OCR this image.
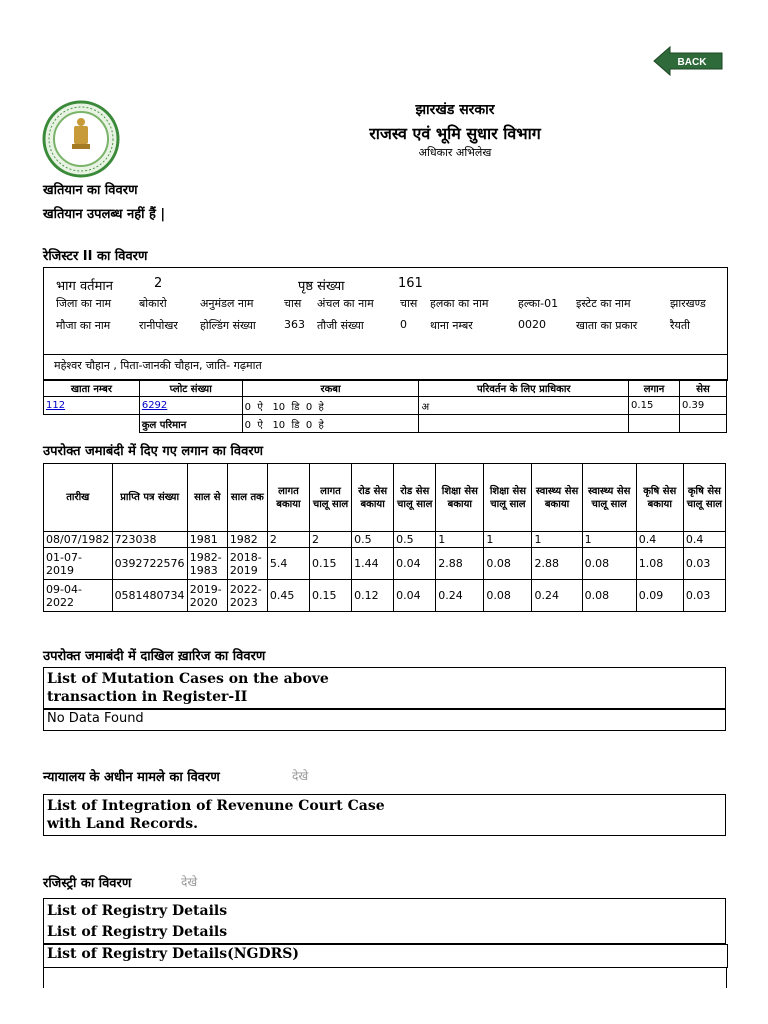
BACK
झारखंड सरकार
राजस्व एवं भूमि सुधार विभाग
अधिकार अभिलेख
खतियान का विवरण
खतियान उपलब्ध नहीं हैं |
रेजिस्टर II का विवरण
भाग वर्तमान	2	पृष्ठ संख्या	161
जिला का नाम	बोकारो	अनुमंडल नाम	चास अंचल का नाम चास हलका का नाम	हल्का-01 इस्टेट का नाम	झारखण्ड
मौजा का नाम	रानीपोखर होल्डिंग संख्या	363 तौजी संख्या	0 थाना नम्बर	0020	खाता का प्रकार	रैयती
महेश्वर चौहान , पिता-जानकी चौहान, जाति- गढ़मात
खाता नम्बर	प्लोट संख्या	रकबा	परिवर्तन के लिए प्राधिकार	लगान	सेस
112	6292	0  ऐ   10  डि  0  हे	अ	0.15	0.39
	कुल परिमान	0  ऐ   10  डि  0  हे			
उपरोक्त जमाबंदी में दिए गए लगान का विवरण
तारीख	प्राप्ति पत्र संख्या	साल से	साल तक	लागत बकाया	लागत चालू साल	रोड सेस बकाया	रोड सेस चालू साल	शिक्षा सेस बकाया	शिक्षा सेस चालू साल	स्वास्थ्य सेस बकाया	स्वास्थ्य सेस चालू साल	कृषि सेस बकाया	कृषि सेस चालू साल
08/07/1982	723038	1981	1982	2	2	0.5	0.5	1	1	1	1	0.4	0.4
01-07-2019	0392722576	1982-1983	2018-2019	5.4	0.15	1.44	0.04	2.88	0.08	2.88	0.08	1.08	0.03
09-04-2022	0581480734	2019-2020	2022-2023	0.45	0.15	0.12	0.04	0.24	0.08	0.24	0.08	0.09	0.03
उपरोक्त जमाबंदी में दाखिल ख़ारिज का विवरण
List of Mutation Cases on the above transaction in Register-II
No Data Found
न्यायालय के अधीन मामले का विवरण	देखे
List of Integration of Revenune Court Case with Land Records.
रजिस्ट्री का विवरण	देखे
List of Registry Details
List of Registry Details
List of Registry Details(NGDRS)
